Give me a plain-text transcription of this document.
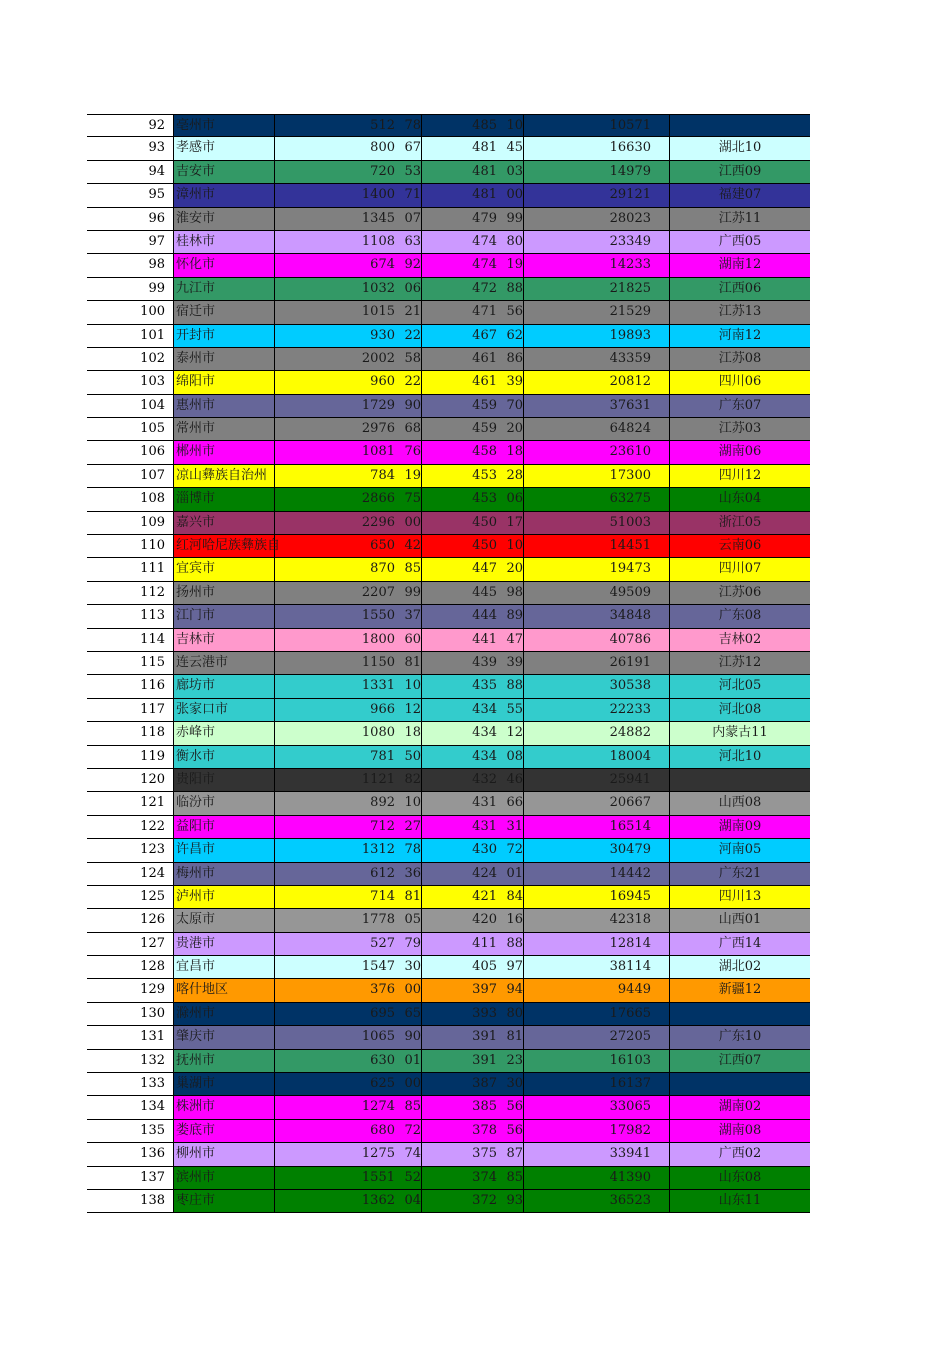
92 亳州市	512 78	485 10	10571
93 孝感市	800 67	481 45	16630	湖北10
94 吉安市	720 53	481 03	14979	江西09
95 漳州市	1400 71	481 00	29121	福建07
96 淮安市	1345 07	479 99	28023	江苏11
97 桂林市	1108 63	474 80	23349	广西05
98 怀化市	674 92	474 19	14233	湖南12
99 九江市	1032 06	472 88	21825	江西06
100 宿迁市	1015 21	471 56	21529	江苏13
101 开封市	930 22	467 62	19893	河南12
102 泰州市	2002 58	461 86	43359	江苏08
103 绵阳市	960 22	461 39	20812	四川06
104 惠州市	1729 90	459 70	37631	广东07
105 常州市	2976 68	459 20	64824	江苏03
106 郴州市	1081 76	458 18	23610	湖南06
107 凉山彝族自治州	784 19	453 28	17300	四川12
108 淄博市	2866 75	453 06	63275	山东04
109 嘉兴市	2296 00	450 17	51003	浙江05
110 红河哈尼族彝族自	650 42	450 10	14451	云南06
111 宜宾市	870 85	447 20	19473	四川07
112 扬州市	2207 99	445 98	49509	江苏06
113 江门市	1550 37	444 89	34848	广东08
114 吉林市	1800 60	441 47	40786	吉林02
115 连云港市	1150 81	439 39	26191	江苏12
116 廊坊市	1331 10	435 88	30538	河北05
117 张家口市	966 12	434 55	22233	河北08
118 赤峰市	1080 18	434 12	24882	内蒙古11
119 衡水市	781 50	434 08	18004	河北10
120 贵阳市	1121 82	432 46	25941
121 临汾市	892 10	431 66	20667	山西08
122 益阳市	712 27	431 31	16514	湖南09
123 许昌市	1312 78	430 72	30479	河南05
124 梅州市	612 36	424 01	14442	广东21
125 泸州市	714 81	421 84	16945	四川13
126 太原市	1778 05	420 16	42318	山西01
127 贵港市	527 79	411 88	12814	广西14
128 宜昌市	1547 30	405 97	38114	湖北02
129 喀什地区	376 00	397 94	9449	新疆12
130 滁州市	695 65	393 80	17665
131 肇庆市	1065 90	391 81	27205	广东10
132 抚州市	630 01	391 23	16103	江西07
133 巢湖市	625 00	387 30	16137
134 株洲市	1274 85	385 56	33065	湖南02
135 娄底市	680 72	378 56	17982	湖南08
136 柳州市	1275 74	375 87	33941	广西02
137 滨州市	1551 52	374 85	41390	山东08
138 枣庄市	1362 04	372 93	36523	山东11
